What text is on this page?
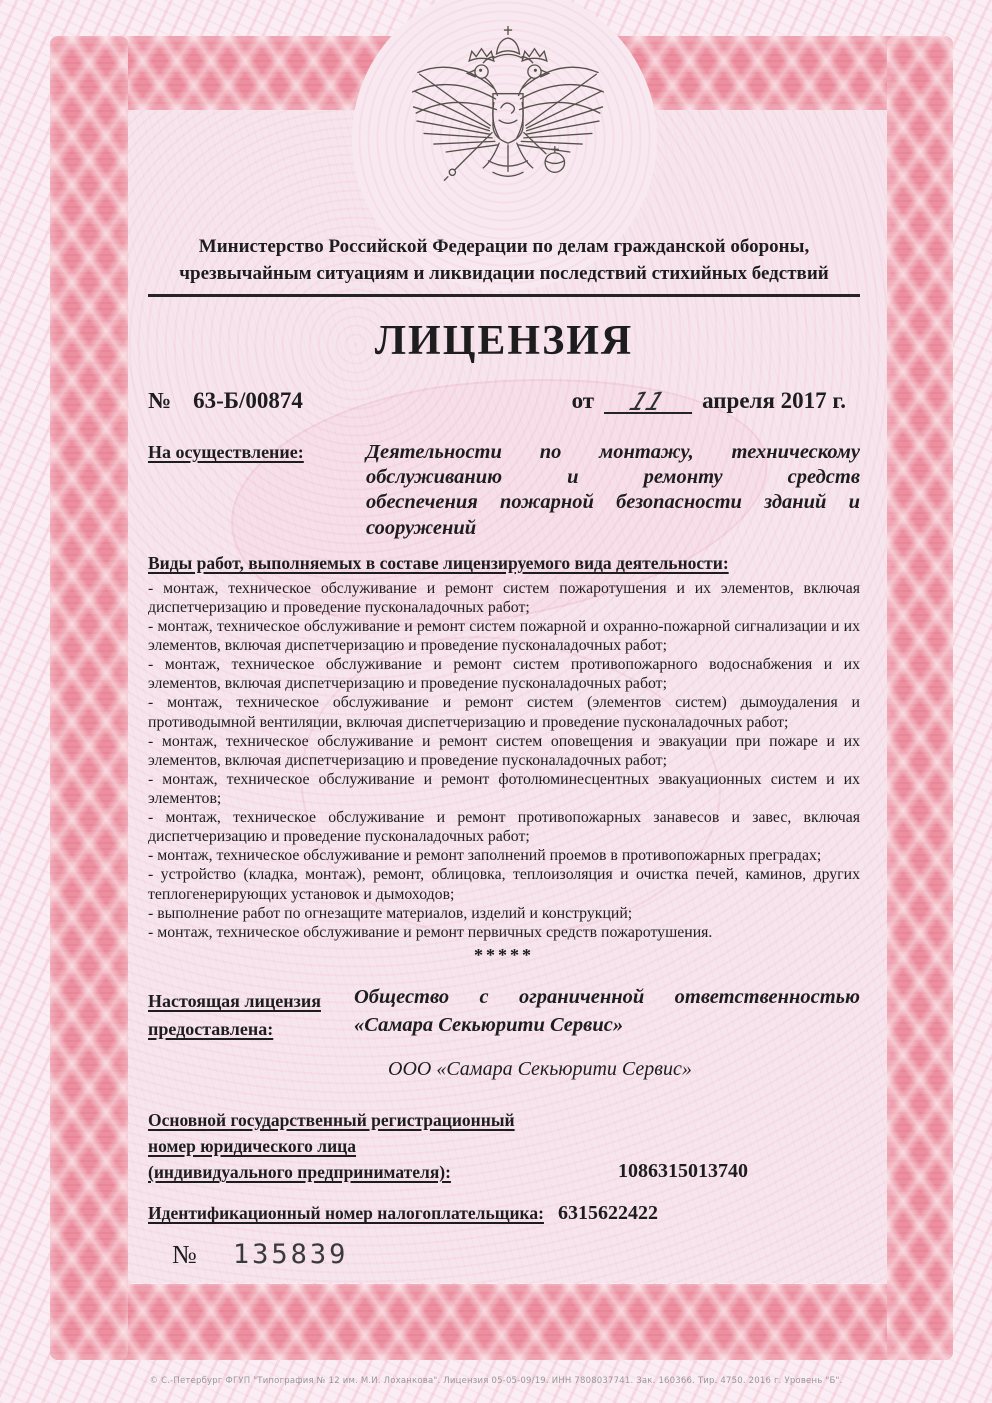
Министерство Российской Федерации по делам гражданской обороны,
чрезвычайным ситуациям и ликвидации последствий стихийных бедствий
ЛИЦЕНЗИЯ
№ 63-Б/00874	от	11	апреля 2017 г.
На осуществление:	Деятельности по монтажу, техническому
обслуживанию и ремонту средств
обеспечения пожарной безопасности зданий и
сооружений
Виды работ, выполняемых в составе лицензируемого вида деятельности:
- монтаж, техническое обслуживание и ремонт систем пожаротушения и их элементов, включая диспетчеризацию и проведение пусконаладочных работ;
- монтаж, техническое обслуживание и ремонт систем пожарной и охранно-пожарной сигнализации и их элементов, включая диспетчеризацию и проведение пусконаладочных работ;
- монтаж, техническое обслуживание и ремонт систем противопожарного водоснабжения и их элементов, включая диспетчеризацию и проведение пусконаладочных работ;
- монтаж, техническое обслуживание и ремонт систем (элементов систем) дымоудаления и противодымной вентиляции, включая диспетчеризацию и проведение пусконаладочных работ;
- монтаж, техническое обслуживание и ремонт систем оповещения и эвакуации при пожаре и их элементов, включая диспетчеризацию и проведение пусконаладочных работ;
- монтаж, техническое обслуживание и ремонт фотолюминесцентных эвакуационных систем и их элементов;
- монтаж, техническое обслуживание и ремонт противопожарных занавесов и завес, включая диспетчеризацию и проведение пусконаладочных работ;
- монтаж, техническое обслуживание и ремонт заполнений проемов в противопожарных преградах;
- устройство (кладка, монтаж), ремонт, облицовка, теплоизоляция и очистка печей, каминов, других теплогенерирующих установок и дымоходов;
- выполнение работ по огнезащите материалов, изделий и конструкций;
- монтаж, техническое обслуживание и ремонт первичных средств пожаротушения.
*****
Настоящая лицензия
предоставлена:
Общество с ограниченной ответственностью
«Самара Секьюрити Сервис»
ООО «Самара Секьюрити Сервис»
Основной государственный регистрационный
номер юридического лица
(индивидуального предпринимателя):	1086315013740
Идентификационный номер налогоплательщика: 6315622422
№ 135839
© С.-Петербург ФГУП "Типография № 12 им. М.И. Лоханкова". Лицензия 05-05-09/19. ИНН 7808037741. Зак. 160366. Тир. 4750. 2016 г. Уровень "Б".
